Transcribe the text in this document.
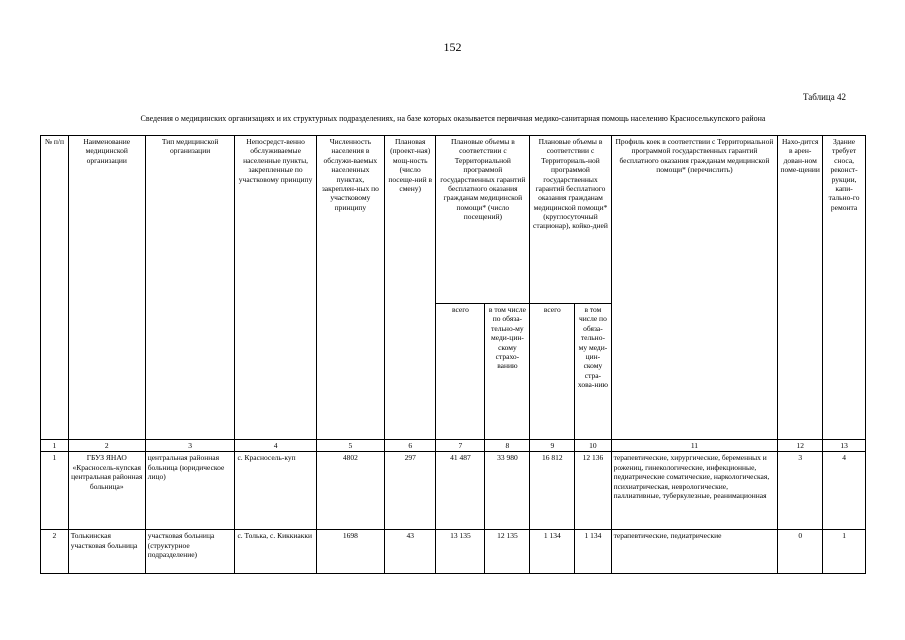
152
Таблица 42
Сведения о медицинских организациях и их структурных подразделениях, на базе которых оказывается первичная медико-санитарная помощь населению Красноселькупского района
№ п/п	Наименование медицинской организации	Тип медицинской организации	Непосредст-венно обслуживаемые населенные пункты, закрепленные по участковому принципу	Численность населения в обслужи-ваемых населенных пунктах, закреплен-ных по участковому принципу	Плановая (проект-ная) мощ-ность (число посеще-ний в смену)	Плановые объемы в соответствии с Территориальной программой государственных гарантий бесплатного оказания гражданам медицинской помощи* (число посещений)		Плановые объемы в соответствии с Территориаль-ной программой государственных гарантий бесплатного оказания гражданам медицинской помощи* (круглосуточный стационар), койко-дней		Профиль коек в соответствии с Территориальной программой государственных гарантий бесплатного оказания гражданам медицинской помощи* (перечислить)	Нахо-дится в арен-дован-ном поме-щении	Здание требует сноса, реконст-рукции, капи-тально-го ремонта
						всего	в том числе по обяза-тельно-му меди-цин-скому страхо-ванию	всего	в том числе по обяза-тельно-му меди-цин-скому стра-хова-нию			
1	2	3	4	5	6	7	8	9	10	11	12	13
1	ГБУЗ ЯНАО «Красносель-купская центральная районная больница»	центральная районная больница (юридическое лицо)	с. Красносель-куп	4802	297	41 487	33 980	16 812	12 136	терапевтические, хирургические, беременных и рожениц, гинекологические, инфекционные, педиатрические соматические, наркологическая, психиатрическая, неврологические, паллиативные, туберкулезные, реанимационная	3	4
2	Толькинская участковая больница	участковая больница (структурное подразделение)	с. Толька, с. Киккиакки	1698	43	13 135	12 135	1 134	1 134	терапевтические, педиатрические	0	1
